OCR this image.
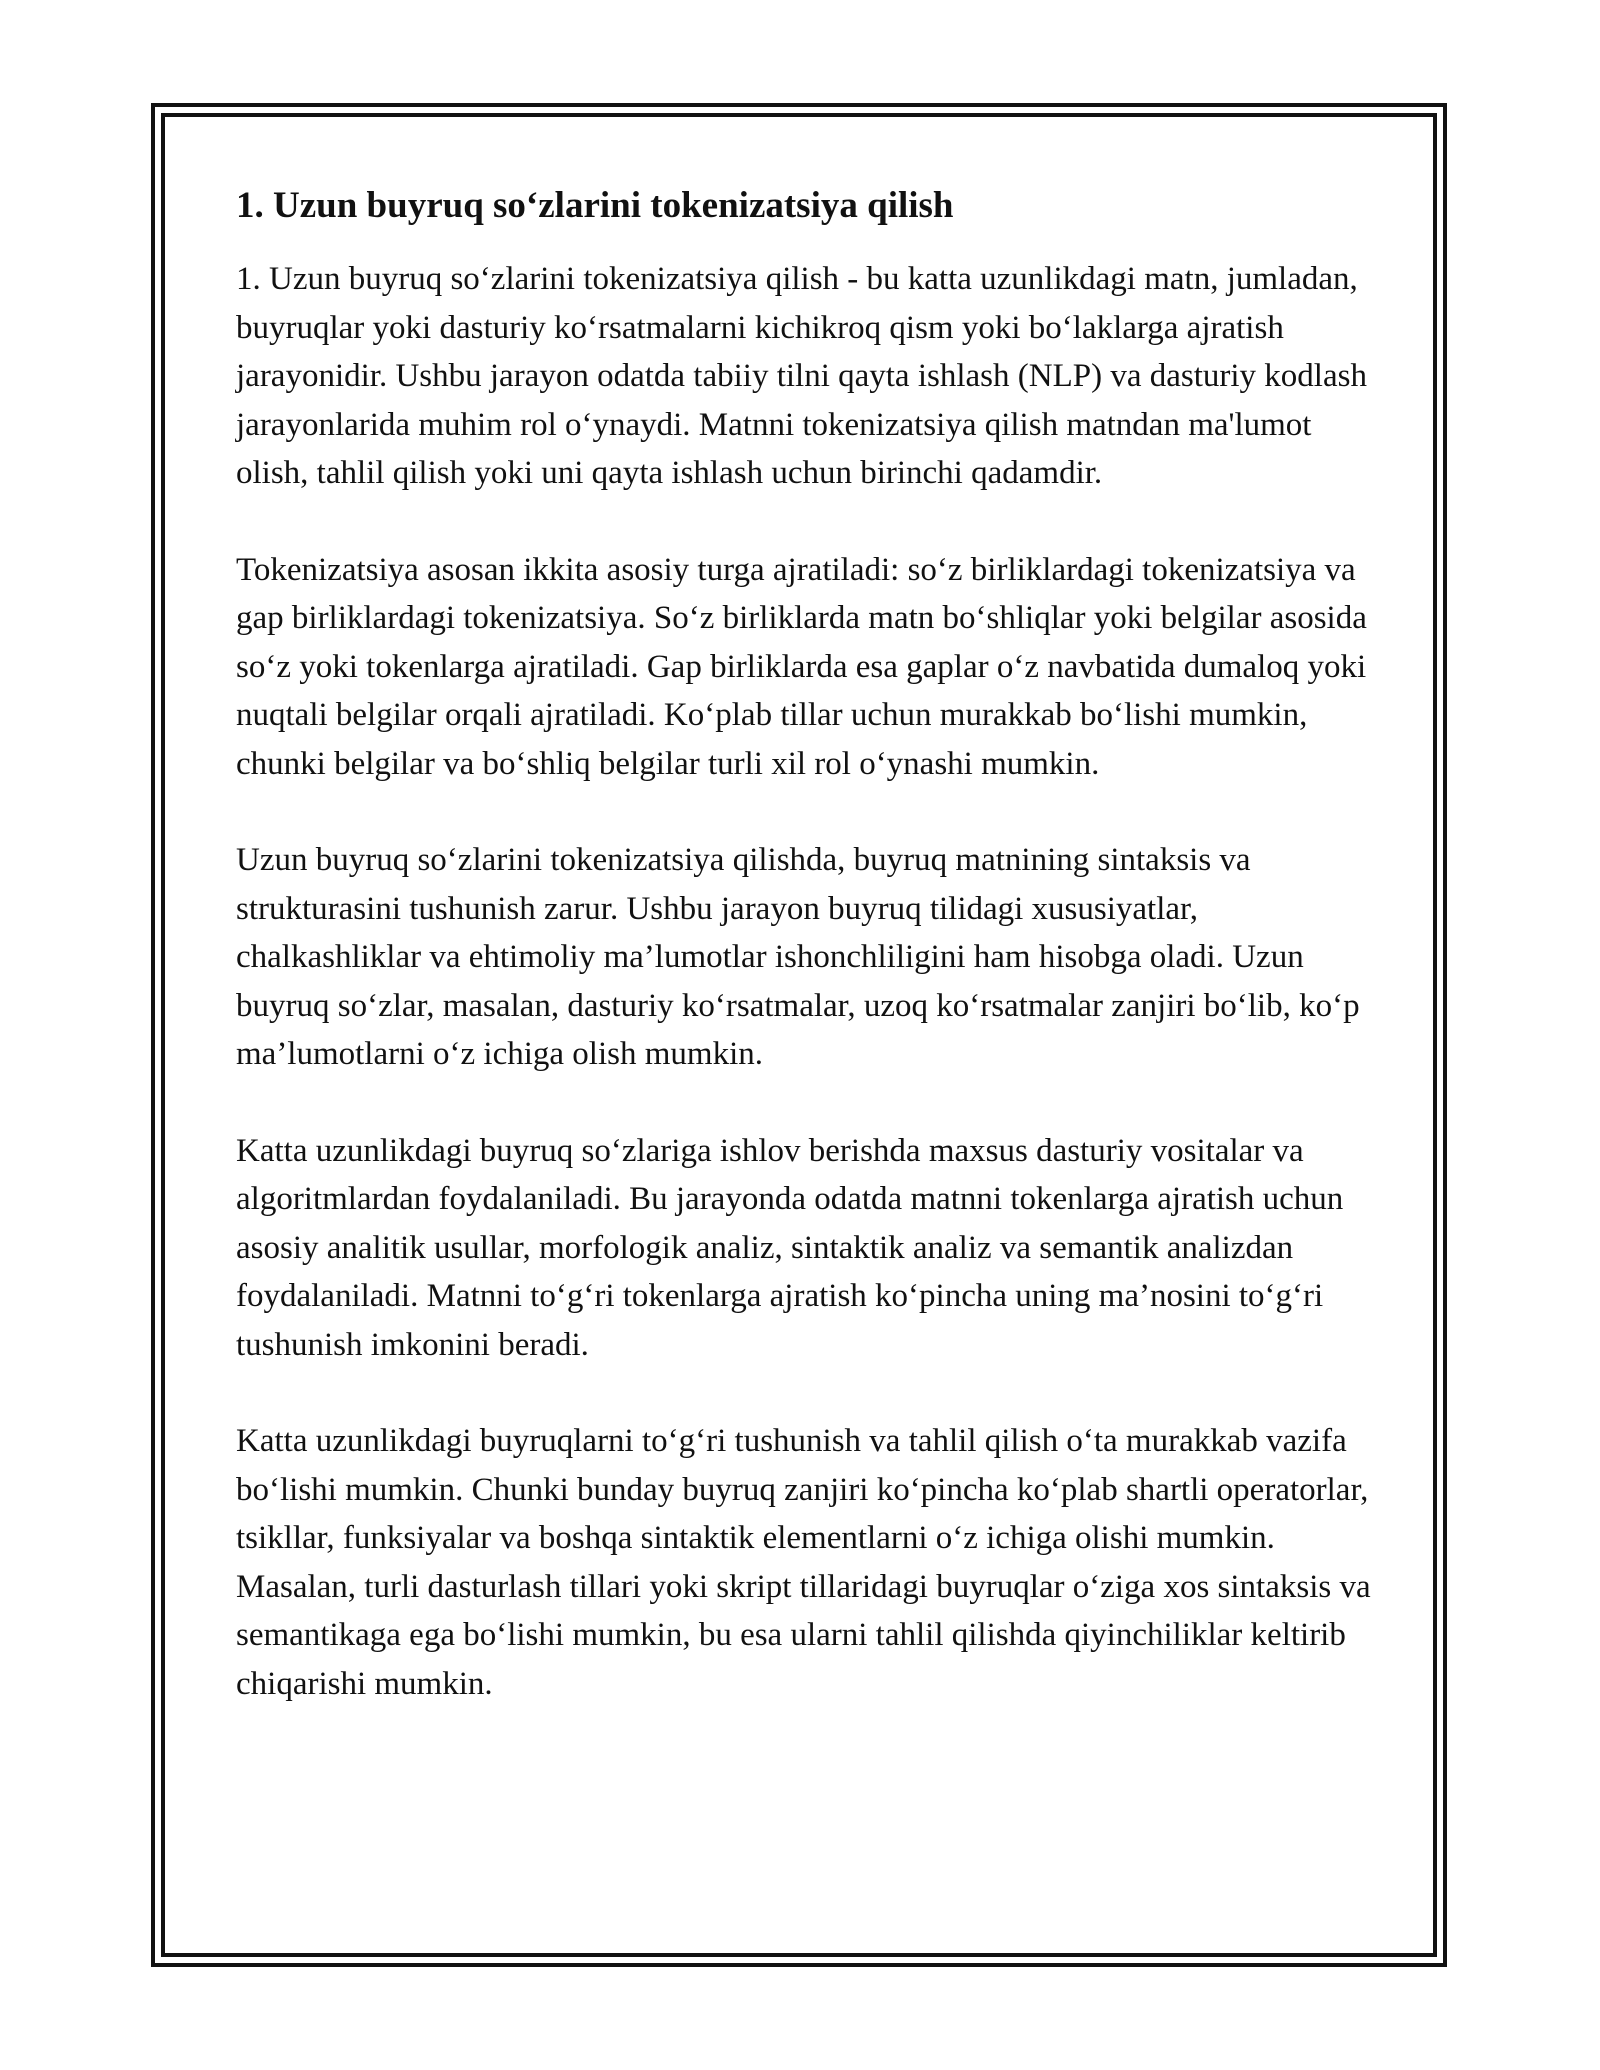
1. Uzun buyruq so‘zlarini tokenizatsiya qilish

1. Uzun buyruq so‘zlarini tokenizatsiya qilish - bu katta uzunlikdagi matn, jumladan, buyruqlar yoki dasturiy ko‘rsatmalarni kichikroq qism yoki bo‘laklarga ajratish jarayonidir. Ushbu jarayon odatda tabiiy tilni qayta ishlash (NLP) va dasturiy kodlash jarayonlarida muhim rol o‘ynaydi. Matnni tokenizatsiya qilish matndan ma'lumot olish, tahlil qilish yoki uni qayta ishlash uchun birinchi qadamdir.

Tokenizatsiya asosan ikkita asosiy turga ajratiladi: so‘z birliklardagi tokenizatsiya va gap birliklardagi tokenizatsiya. So‘z birliklarda matn bo‘shliqlar yoki belgilar asosida so‘z yoki tokenlarga ajratiladi. Gap birliklarda esa gaplar o‘z navbatida dumaloq yoki nuqtali belgilar orqali ajratiladi. Ko‘plab tillar uchun murakkab bo‘lishi mumkin, chunki belgilar va bo‘shliq belgilar turli xil rol o‘ynashi mumkin.

Uzun buyruq so‘zlarini tokenizatsiya qilishda, buyruq matnining sintaksis va strukturasini tushunish zarur. Ushbu jarayon buyruq tilidagi xususiyatlar, chalkashliklar va ehtimoliy ma’lumotlar ishonchliligini ham hisobga oladi. Uzun buyruq so‘zlar, masalan, dasturiy ko‘rsatmalar, uzoq ko‘rsatmalar zanjiri bo‘lib, ko‘p ma’lumotlarni o‘z ichiga olish mumkin.

Katta uzunlikdagi buyruq so‘zlariga ishlov berishda maxsus dasturiy vositalar va algoritmlardan foydalaniladi. Bu jarayonda odatda matnni tokenlarga ajratish uchun asosiy analitik usullar, morfologik analiz, sintaktik analiz va semantik analizdan foydalaniladi. Matnni to‘g‘ri tokenlarga ajratish ko‘pincha uning ma’nosini to‘g‘ri tushunish imkonini beradi.

Katta uzunlikdagi buyruqlarni to‘g‘ri tushunish va tahlil qilish o‘ta murakkab vazifa bo‘lishi mumkin. Chunki bunday buyruq zanjiri ko‘pincha ko‘plab shartli operatorlar, tsikllar, funksiyalar va boshqa sintaktik elementlarni o‘z ichiga olishi mumkin. Masalan, turli dasturlash tillari yoki skript tillaridagi buyruqlar o‘ziga xos sintaksis va semantikaga ega bo‘lishi mumkin, bu esa ularni tahlil qilishda qiyinchiliklar keltirib chiqarishi mumkin.
